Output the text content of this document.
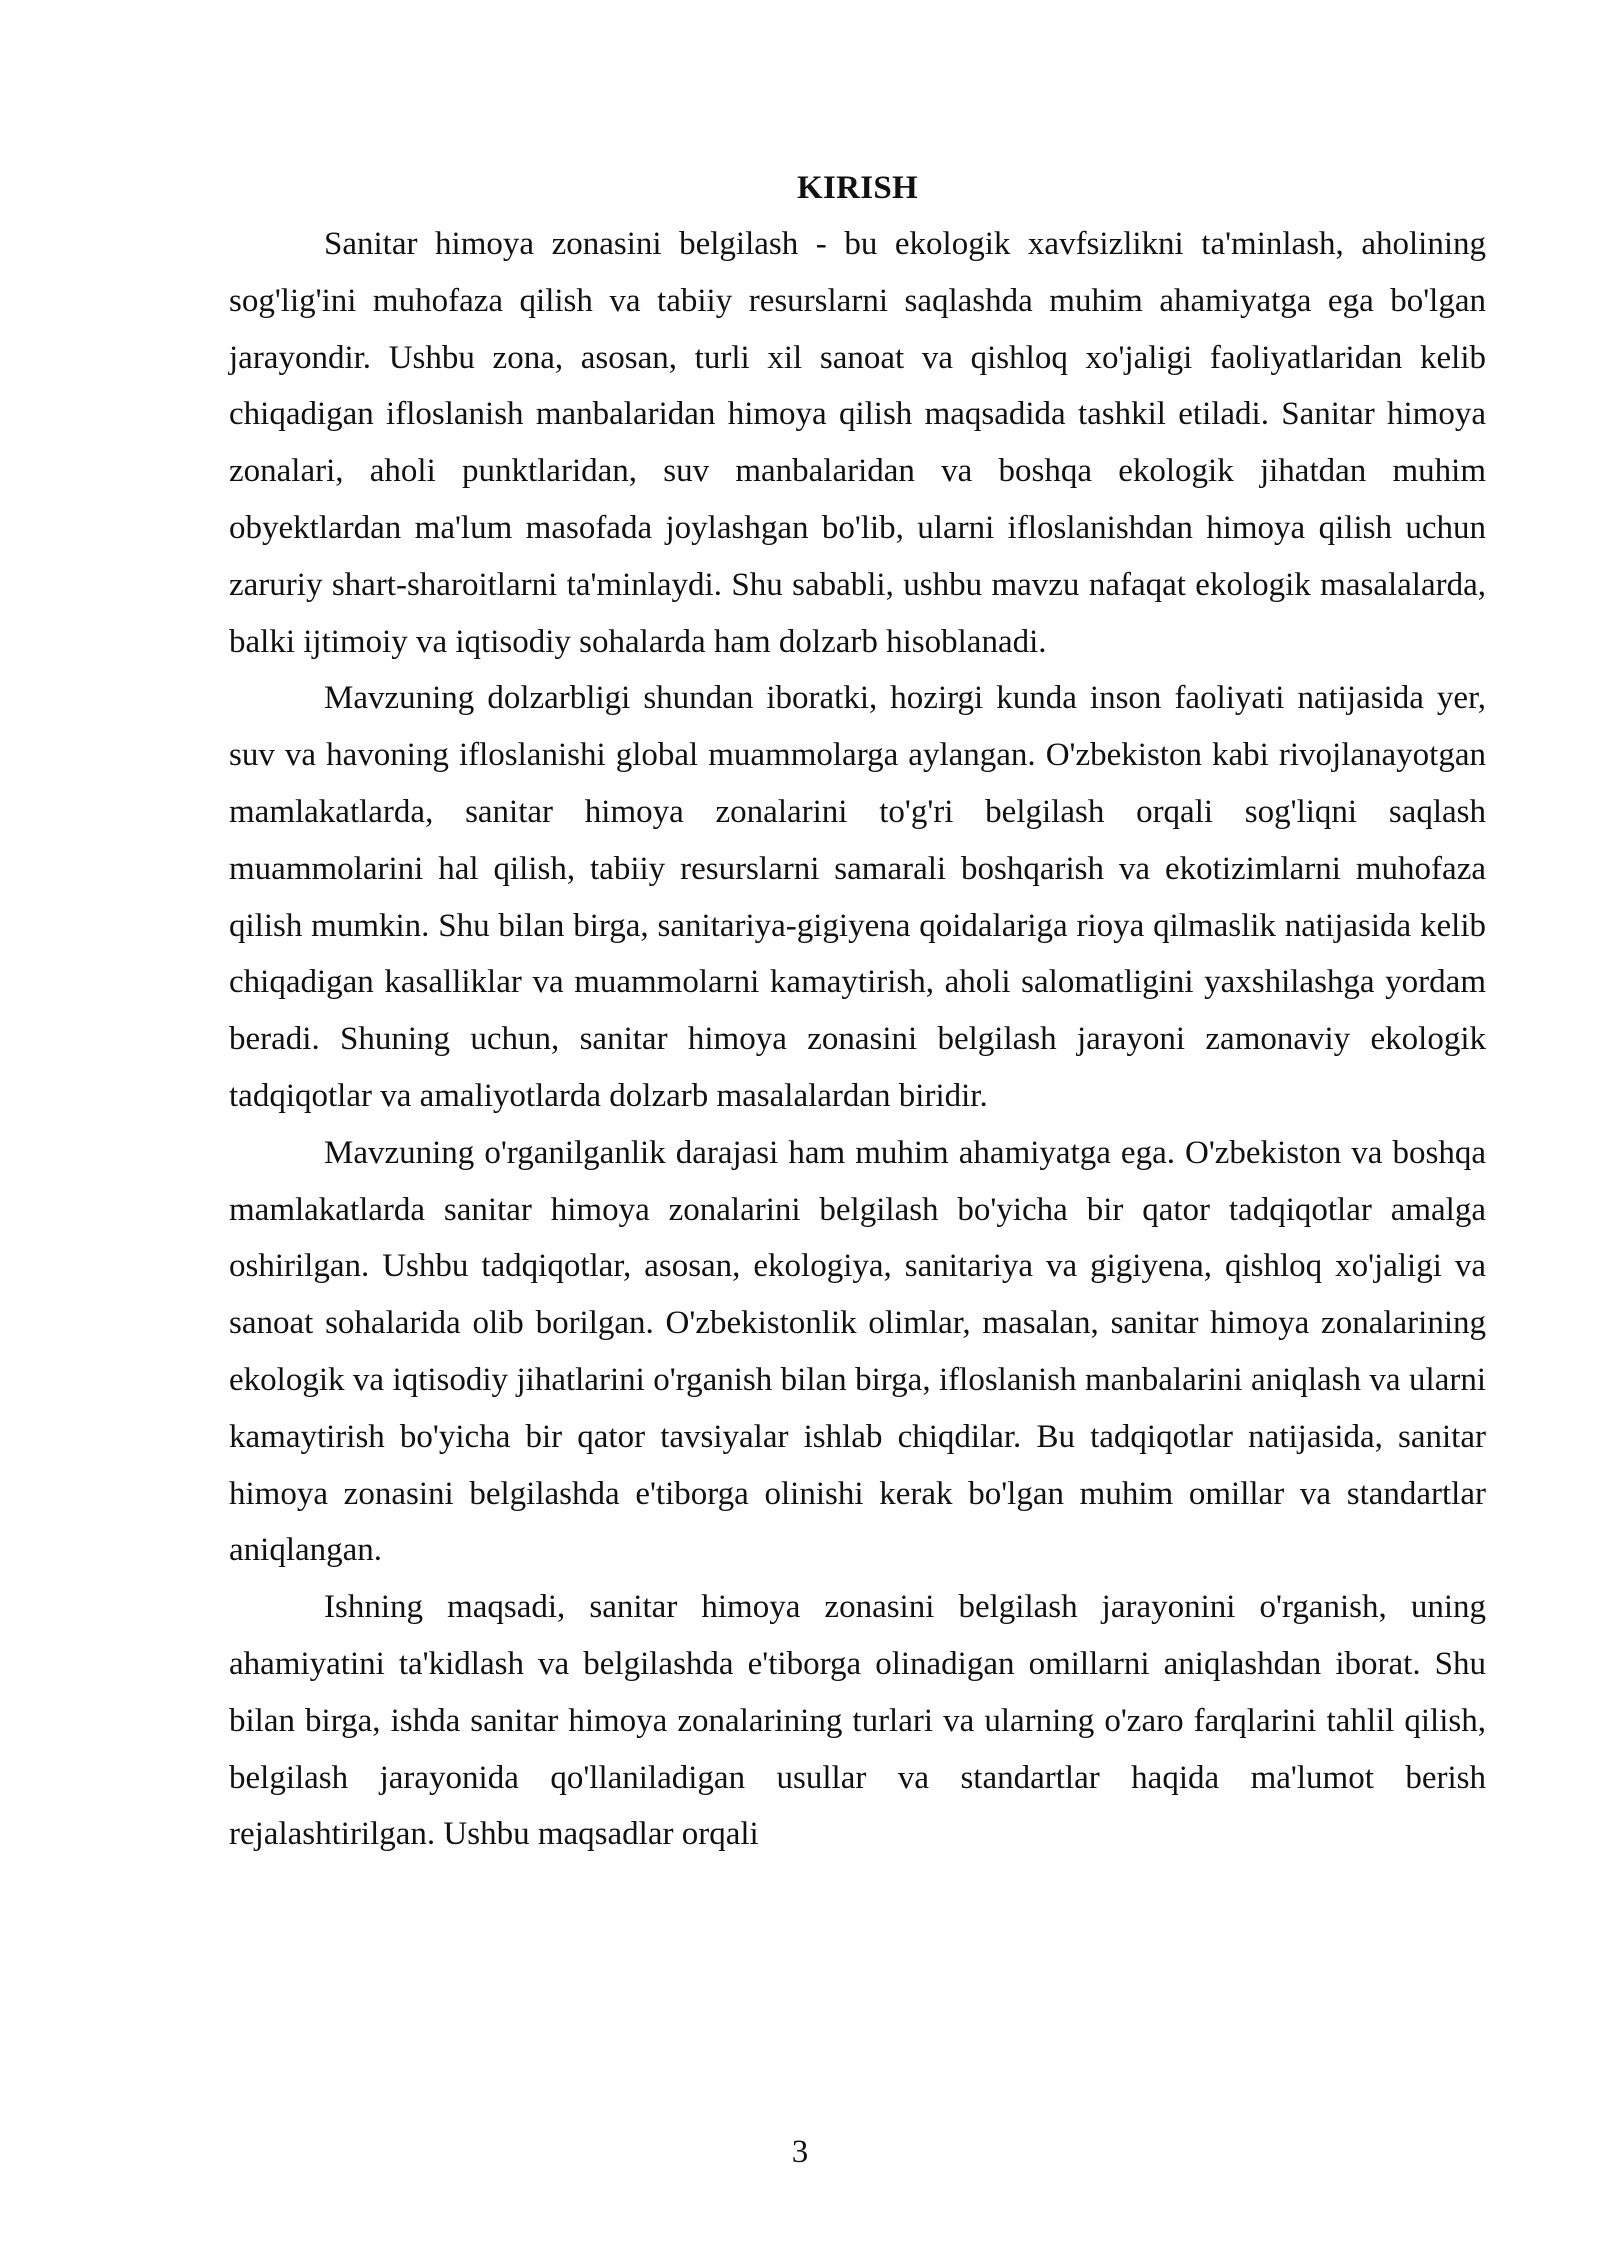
KIRISH

Sanitar himoya zonasini belgilash - bu ekologik xavfsizlikni ta'minlash, aholining sog'lig'ini muhofaza qilish va tabiiy resurslarni saqlashda muhim ahamiyatga ega bo'lgan jarayondir. Ushbu zona, asosan, turli xil sanoat va qishloq xo'jaligi faoliyatlaridan kelib chiqadigan ifloslanish manbalaridan himoya qilish maqsadida tashkil etiladi. Sanitar himoya zonalari, aholi punktlaridan, suv manbalaridan va boshqa ekologik jihatdan muhim obyektlardan ma'lum masofada joylashgan bo'lib, ularni ifloslanishdan himoya qilish uchun zaruriy shart-sharoitlarni ta'minlaydi. Shu sababli, ushbu mavzu nafaqat ekologik masalalarda, balki ijtimoiy va iqtisodiy sohalarda ham dolzarb hisoblanadi.

Mavzuning dolzarbligi shundan iboratki, hozirgi kunda inson faoliyati natijasida yer, suv va havoning ifloslanishi global muammolarga aylangan. O'zbekiston kabi rivojlanayotgan mamlakatlarda, sanitar himoya zonalarini to'g'ri belgilash orqali sog'liqni saqlash muammolarini hal qilish, tabiiy resurslarni samarali boshqarish va ekotizimlarni muhofaza qilish mumkin. Shu bilan birga, sanitariya-gigiyena qoidalariga rioya qilmaslik natijasida kelib chiqadigan kasalliklar va muammolarni kamaytirish, aholi salomatligini yaxshilashga yordam beradi. Shuning uchun, sanitar himoya zonasini belgilash jarayoni zamonaviy ekologik tadqiqotlar va amaliyotlarda dolzarb masalalardan biridir.

Mavzuning o'rganilganlik darajasi ham muhim ahamiyatga ega. O'zbekiston va boshqa mamlakatlarda sanitar himoya zonalarini belgilash bo'yicha bir qator tadqiqotlar amalga oshirilgan. Ushbu tadqiqotlar, asosan, ekologiya, sanitariya va gigiyena, qishloq xo'jaligi va sanoat sohalarida olib borilgan. O'zbekistonlik olimlar, masalan, sanitar himoya zonalarining ekologik va iqtisodiy jihatlarini o'rganish bilan birga, ifloslanish manbalarini aniqlash va ularni kamaytirish bo'yicha bir qator tavsiyalar ishlab chiqdilar. Bu tadqiqotlar natijasida, sanitar himoya zonasini belgilashda e'tiborga olinishi kerak bo'lgan muhim omillar va standartlar aniqlangan.

Ishning maqsadi, sanitar himoya zonasini belgilash jarayonini o'rganish, uning ahamiyatini ta'kidlash va belgilashda e'tiborga olinadigan omillarni aniqlashdan iborat. Shu bilan birga, ishda sanitar himoya zonalarining turlari va ularning o'zaro farqlarini tahlil qilish, belgilash jarayonida qo'llaniladigan usullar va standartlar haqida ma'lumot berish rejalashtirilgan. Ushbu maqsadlar orqali

3
